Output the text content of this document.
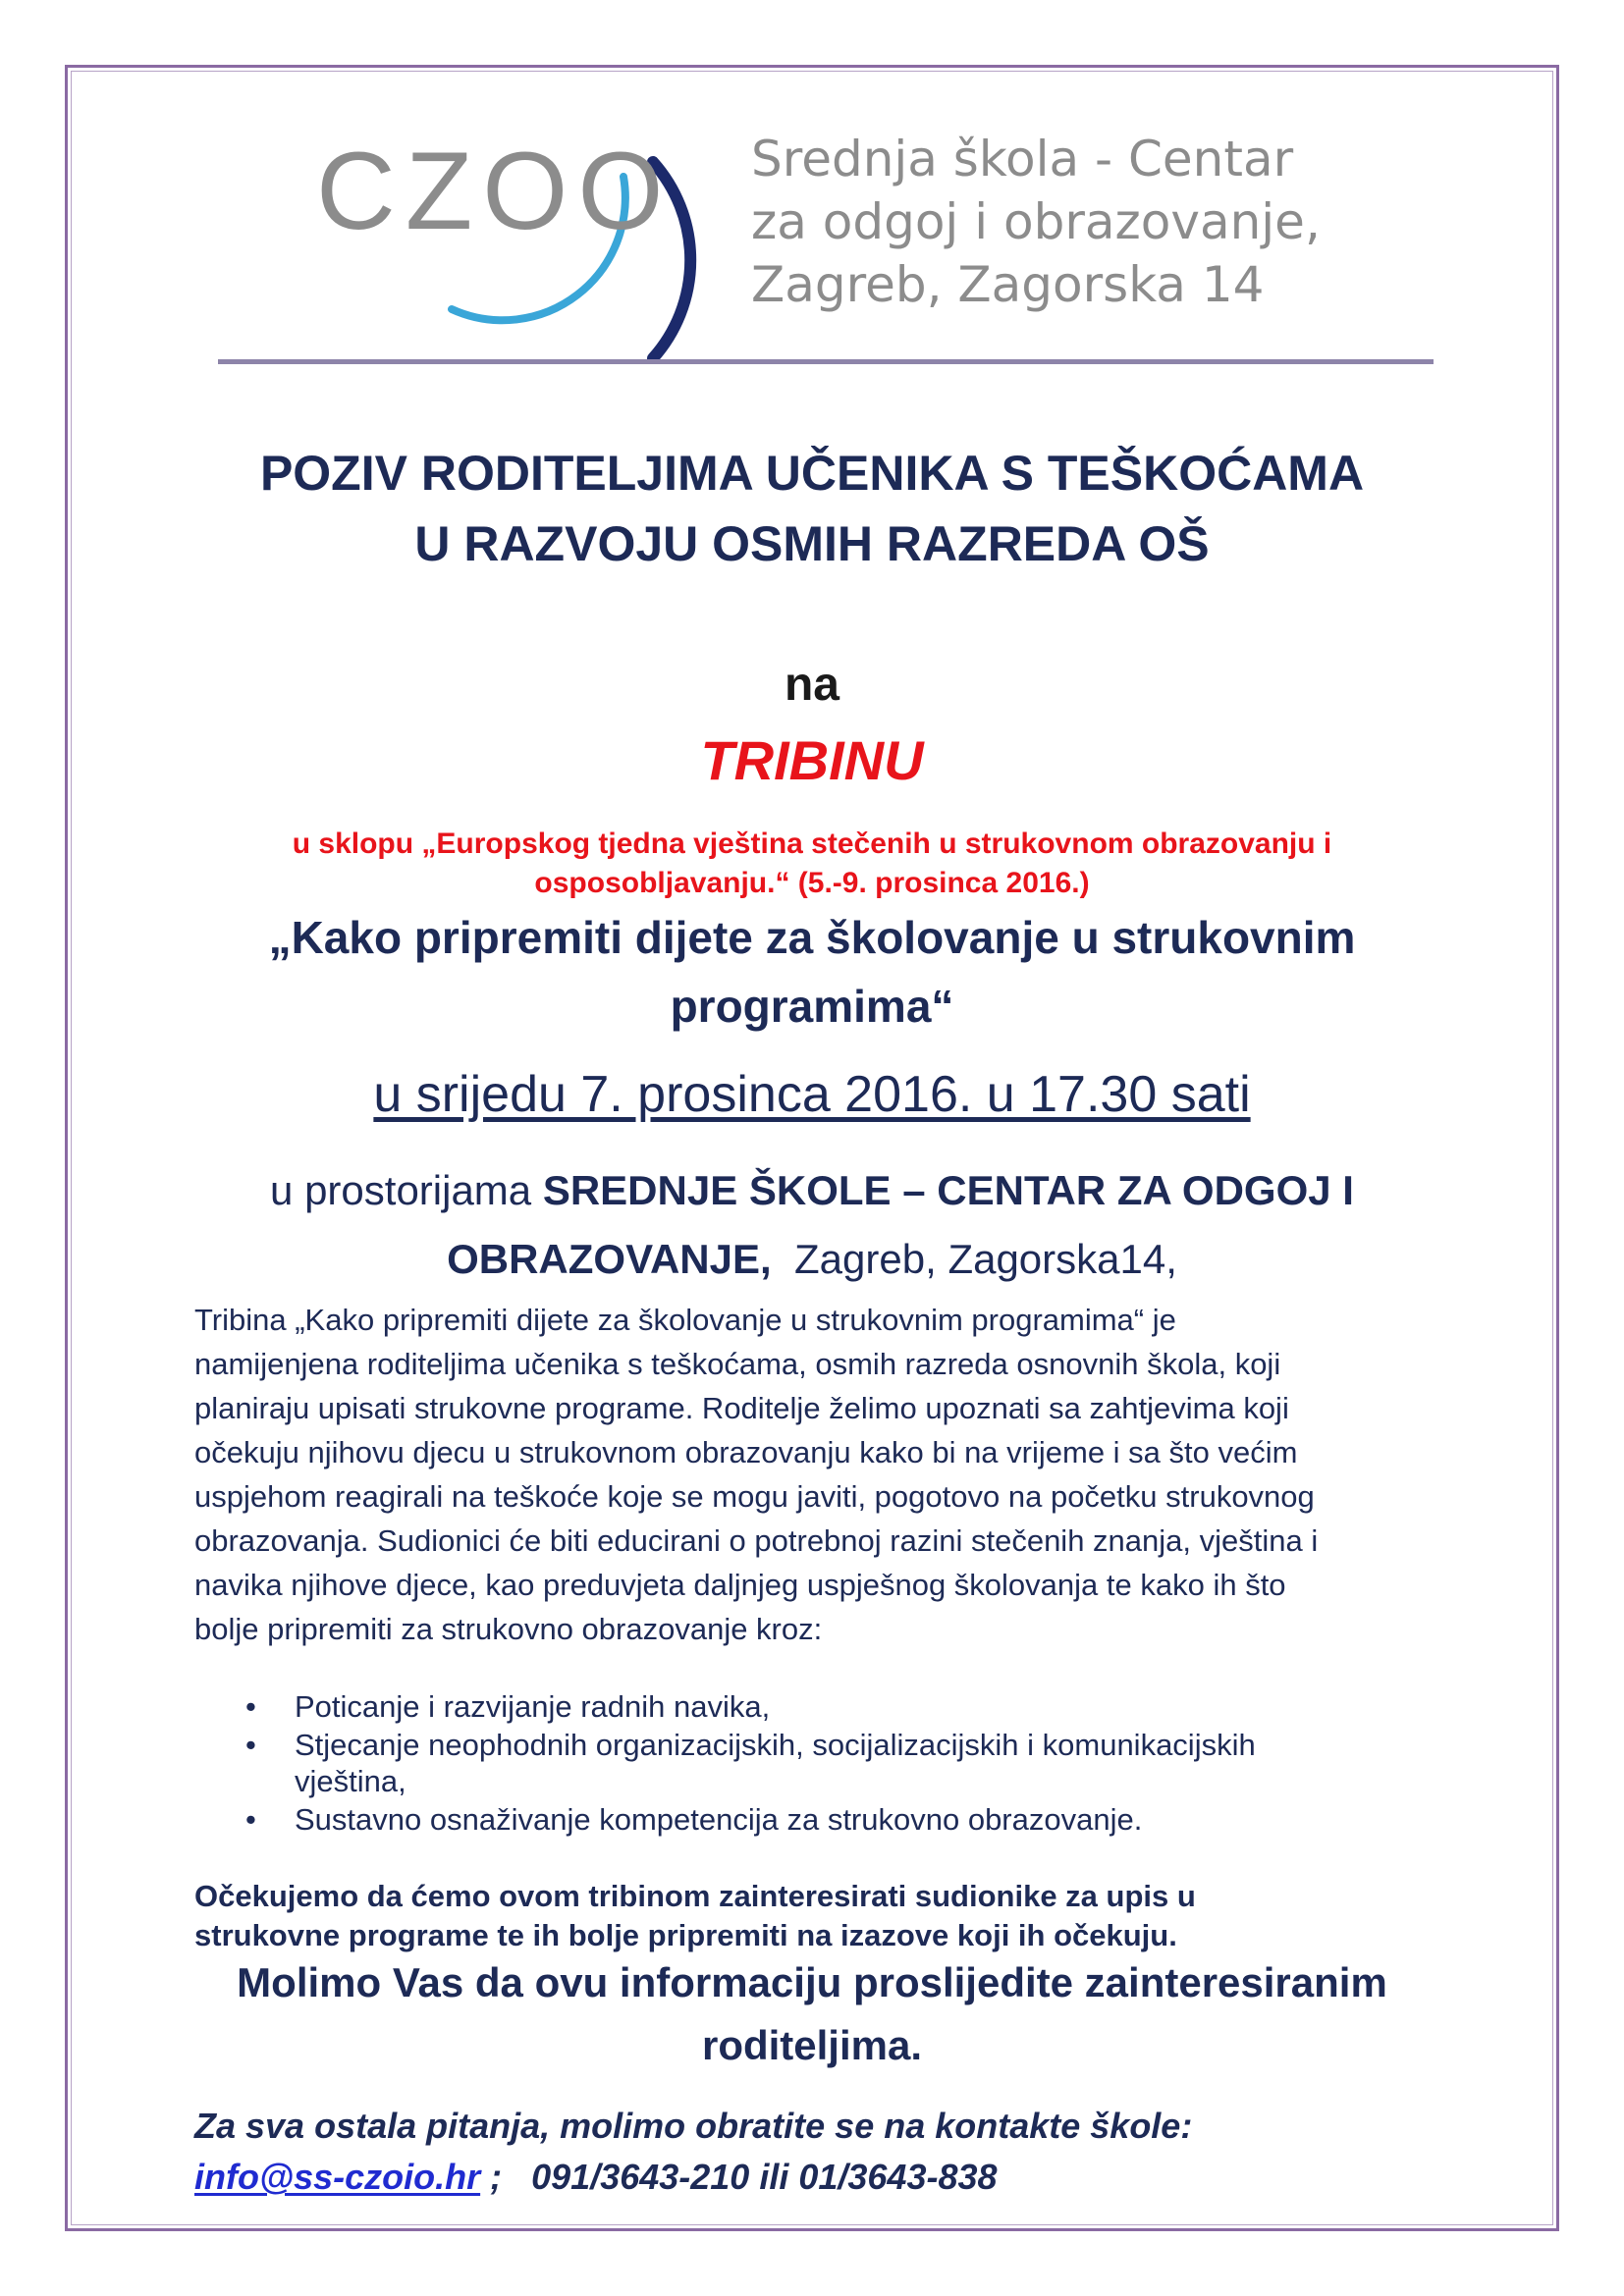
CZOO Srednja škola - Centar
za odgoj i obrazovanje,
Zagreb, Zagorska 14
POZIV RODITELJIMA UČENIKA S TEŠKOĆAMA
U RAZVOJU OSMIH RAZREDA OŠ
na
TRIBINU
u sklopu „Europskog tjedna vještina stečenih u strukovnom obrazovanju i
osposobljavanju.“ (5.-9. prosinca 2016.)
„Kako pripremiti dijete za školovanje u strukovnim
programima“
u srijedu 7. prosinca 2016. u 17.30 sati
u prostorijama SREDNJE ŠKOLE – CENTAR ZA ODGOJ I
OBRAZOVANJE,  Zagreb, Zagorska14,
Tribina „Kako pripremiti dijete za školovanje u strukovnim programima“ je
namijenjena roditeljima učenika s teškoćama, osmih razreda osnovnih škola, koji
planiraju upisati strukovne programe. Roditelje želimo upoznati sa zahtjevima koji
očekuju njihovu djecu u strukovnom obrazovanju kako bi na vrijeme i sa što većim
uspjehom reagirali na teškoće koje se mogu javiti, pogotovo na početku strukovnog
obrazovanja. Sudionici će biti educirani o potrebnoj razini stečenih znanja, vještina i
navika njihove djece, kao preduvjeta daljnjeg uspješnog školovanja te kako ih što
bolje pripremiti za strukovno obrazovanje kroz:
• Poticanje i razvijanje radnih navika,
• Stjecanje neophodnih organizacijskih, socijalizacijskih i komunikacijskih vještina,
• Sustavno osnaživanje kompetencija za strukovno obrazovanje.
Očekujemo da ćemo ovom tribinom zainteresirati sudionike za upis u
strukovne programe te ih bolje pripremiti na izazove koji ih očekuju.
Molimo Vas da ovu informaciju proslijedite zainteresiranim
roditeljima.
Za sva ostala pitanja, molimo obratite se na kontakte škole:
info@ss-czoio.hr ;   091/3643-210 ili 01/3643-838
